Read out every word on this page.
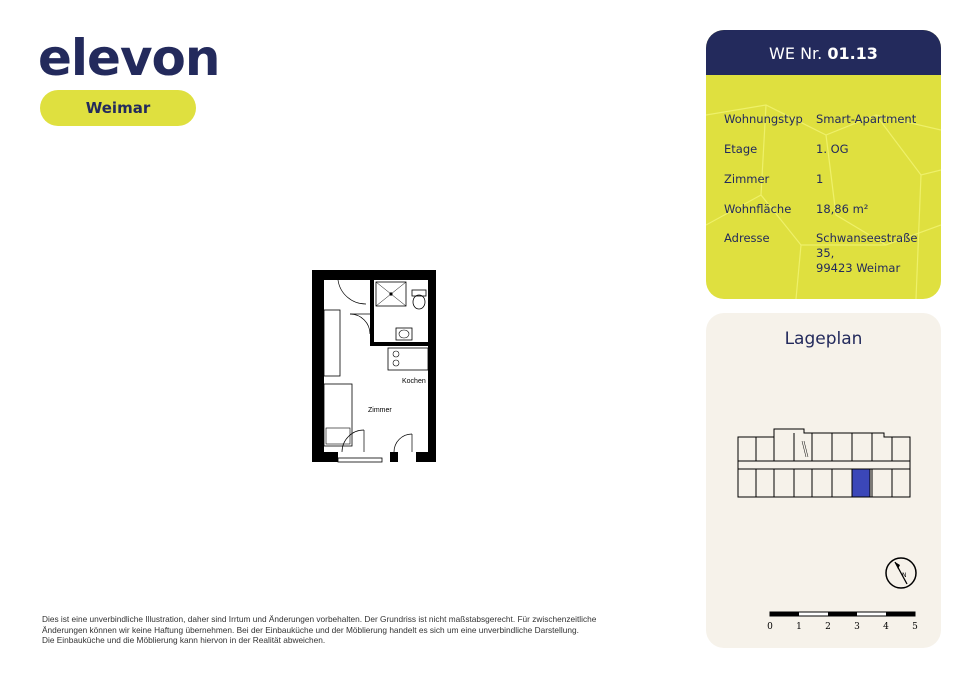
elevon
Weimar
Kochen
Zimmer
WE Nr. 01.13
Wohnungstyp	Smart-Apartment
Etage	1. OG
Zimmer	1
Wohnfläche	18,86 m²
Adresse	Schwanseestraße 35,
99423 Weimar
Lageplan
N
0	1	2	3	4	5
Dies ist eine unverbindliche Illustration, daher sind Irrtum und Änderungen vorbehalten. Der Grundriss ist nicht maßstabsgerecht. Für zwischenzeitliche
Änderungen können wir keine Haftung übernehmen. Bei der Einbauküche und der Möblierung handelt es sich um eine unverbindliche Darstellung.
Die Einbauküche und die Möblierung kann hiervon in der Realität abweichen.
